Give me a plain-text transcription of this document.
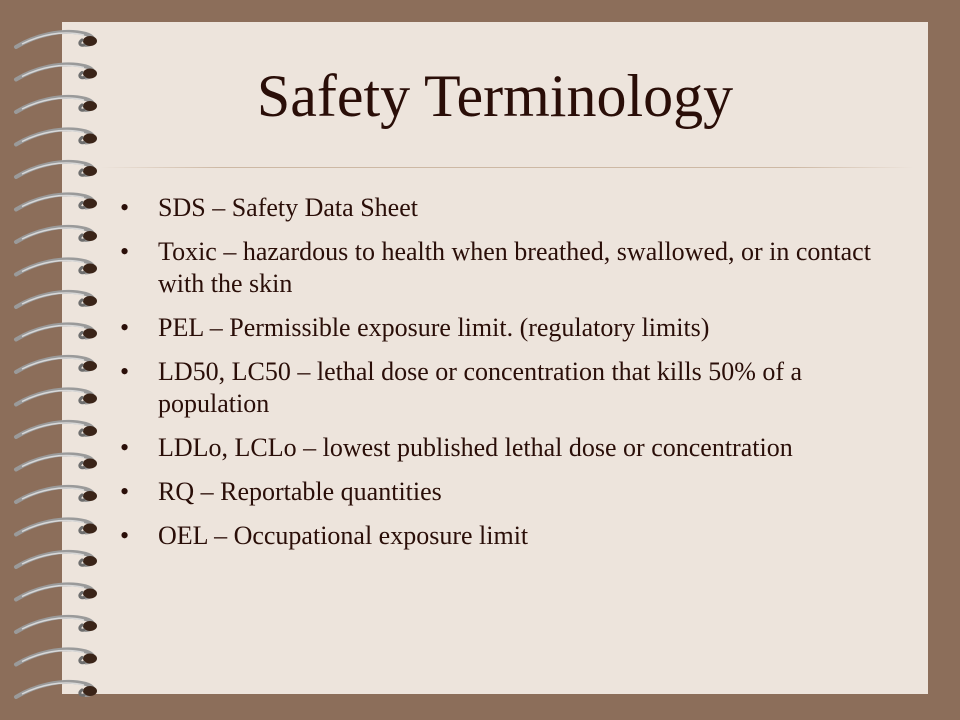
Safety Terminology
• SDS – Safety Data Sheet
• Toxic – hazardous to health when breathed, swallowed, or in contact with the skin
• PEL – Permissible exposure limit. (regulatory limits)
• LD50, LC50 – lethal dose or concentration that kills 50% of a population
• LDLo, LCLo – lowest published lethal dose or concentration
• RQ – Reportable quantities
• OEL – Occupational exposure limit
